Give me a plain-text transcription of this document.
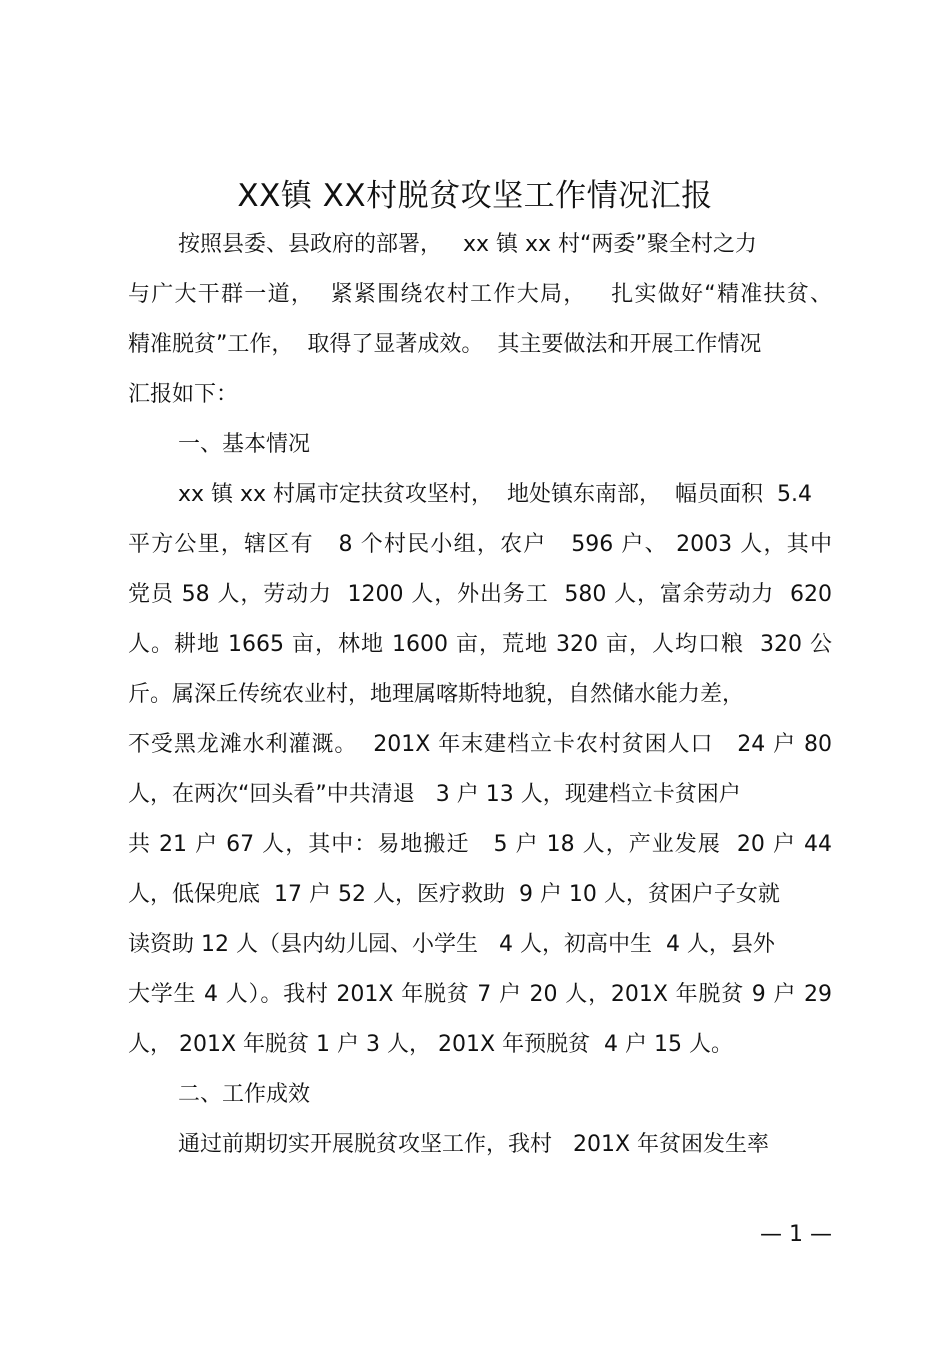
XX镇 XX村脱贫攻坚工作情况汇报
按照县委、县政府的部署，   xx 镇 xx 村“两委”聚全村之力
与广大干群一道，  紧紧围绕农村工作大局，   扎实做好“精准扶贫、
精准脱贫”工作，  取得了显著成效。  其主要做法和开展工作情况
汇报如下：
一、基本情况
xx 镇 xx 村属市定扶贫攻坚村，  地处镇东南部，  幅员面积  5.4
平方公里，辖区有   8 个村民小组，农户   596 户、 2003 人，其中
党员 58 人，劳动力  1200 人，外出务工  580 人，富余劳动力  620
人。耕地 1665 亩，林地 1600 亩，荒地 320 亩，人均口粮  320 公
斤。属深丘传统农业村，地理属喀斯特地貌，自然储水能力差，
不受黑龙滩水利灌溉。  201X 年末建档立卡农村贫困人口   24 户 80
人，在两次“回头看”中共清退   3 户 13 人，现建档立卡贫困户
共 21 户 67 人，其中：易地搬迁   5 户 18 人，产业发展  20 户 44
人，低保兜底  17 户 52 人，医疗救助  9 户 10 人，贫困户子女就
读资助 12 人（县内幼儿园、小学生   4 人，初高中生  4 人，县外
大学生 4 人）。我村 201X 年脱贫 7 户 20 人，201X 年脱贫 9 户 29
人， 201X 年脱贫 1 户 3 人， 201X 年预脱贫  4 户 15 人。
二、工作成效
通过前期切实开展脱贫攻坚工作，我村   201X 年贫困发生率
— 1 —
